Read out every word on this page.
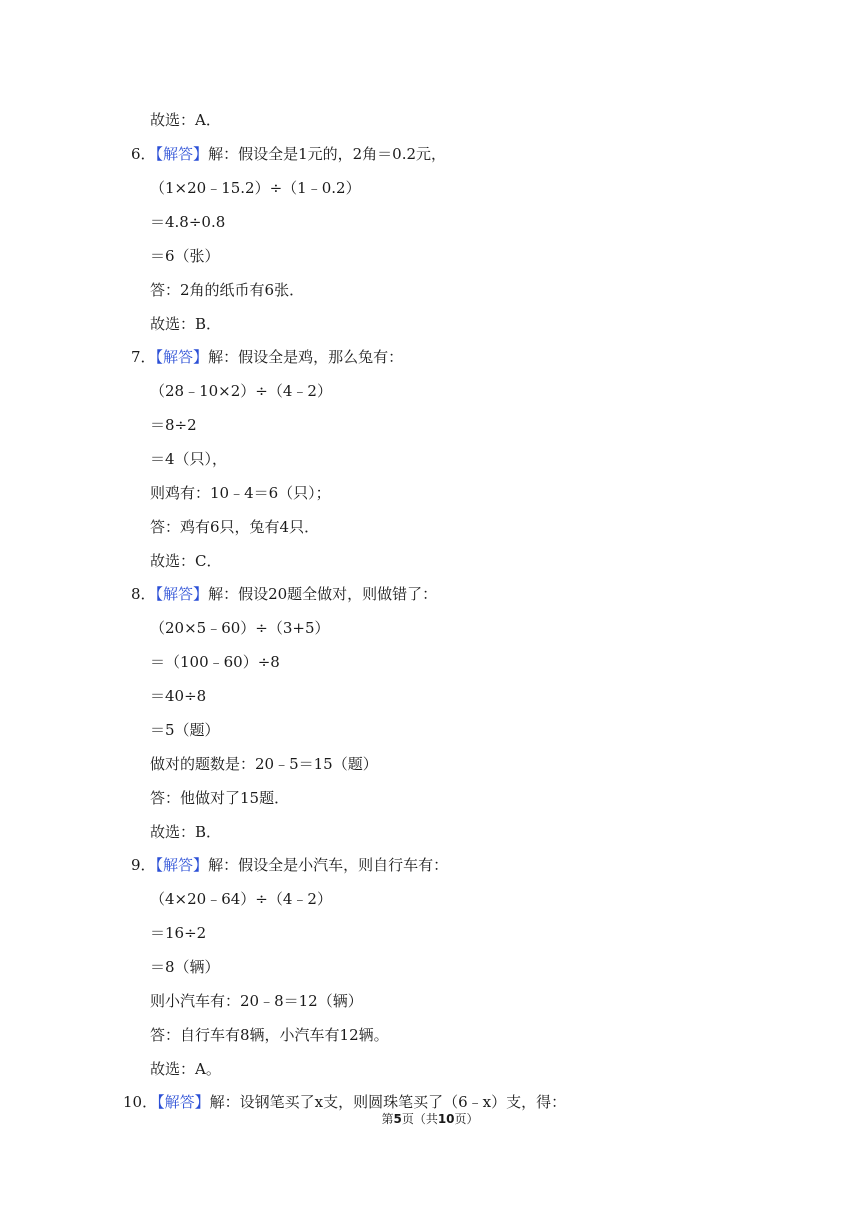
故选：A．
6．【解答】解：假设全是1元的，2角＝0.2元，
（1×20﹣15.2）÷（1﹣0.2）
＝4.8÷0.8
＝6（张）
答：2角的纸币有6张．
故选：B．
7．【解答】解：假设全是鸡，那么兔有：
（28﹣10×2）÷（4﹣2）
＝8÷2
＝4（只），
则鸡有：10﹣4＝6（只）；
答：鸡有6只，兔有4只．
故选：C．
8．【解答】解：假设20题全做对，则做错了：
（20×5﹣60）÷（3+5）
＝（100﹣60）÷8
＝40÷8
＝5（题）
做对的题数是：20﹣5＝15（题）
答：他做对了15题．
故选：B．
9．【解答】解：假设全是小汽车，则自行车有：
（4×20﹣64）÷（4﹣2）
＝16÷2
＝8（辆）
则小汽车有：20﹣8＝12（辆）
答：自行车有8辆，小汽车有12辆。
故选：A。
10．【解答】解：设钢笔买了x支，则圆珠笔买了（6﹣x）支，得：
第5页（共10页）
